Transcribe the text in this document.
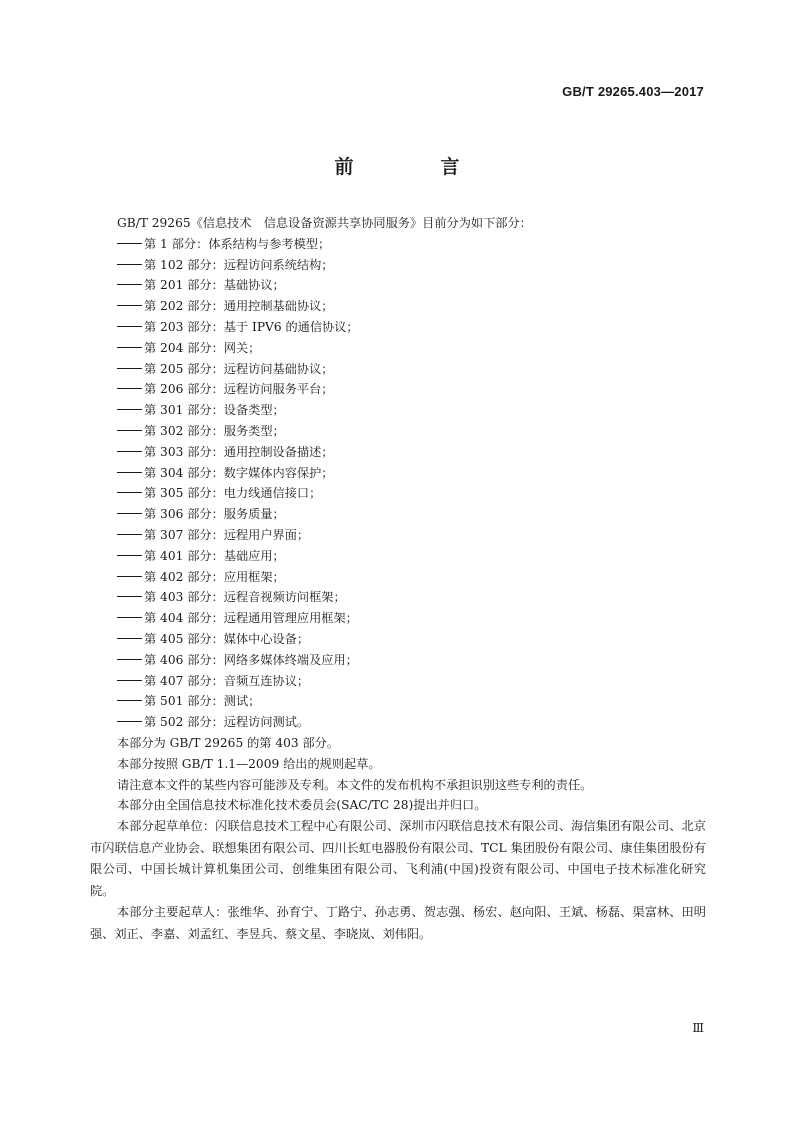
GB/T 29265.403—2017
前　言

GB/T 29265《信息技术　信息设备资源共享协同服务》目前分为如下部分：

第 1 部分：体系结构与参考模型；
第 102 部分：远程访问系统结构；
第 201 部分：基础协议；
第 202 部分：通用控制基础协议；
第 203 部分：基于 IPV6 的通信协议；
第 204 部分：网关；
第 205 部分：远程访问基础协议；
第 206 部分：远程访问服务平台；
第 301 部分：设备类型；
第 302 部分：服务类型；
第 303 部分：通用控制设备描述；
第 304 部分：数字媒体内容保护；
第 305 部分：电力线通信接口；
第 306 部分：服务质量；
第 307 部分：远程用户界面；
第 401 部分：基础应用；
第 402 部分：应用框架；
第 403 部分：远程音视频访问框架；
第 404 部分：远程通用管理应用框架；
第 405 部分：媒体中心设备；
第 406 部分：网络多媒体终端及应用；
第 407 部分：音频互连协议；
第 501 部分：测试；
第 502 部分：远程访问测试。

本部分为 GB/T 29265 的第 403 部分。

本部分按照 GB/T 1.1—2009 给出的规则起草。

请注意本文件的某些内容可能涉及专利。本文件的发布机构不承担识别这些专利的责任。

本部分由全国信息技术标准化技术委员会(SAC/TC 28)提出并归口。

本部分起草单位：闪联信息技术工程中心有限公司、深圳市闪联信息技术有限公司、海信集团有限公司、北京市闪联信息产业协会、联想集团有限公司、四川长虹电器股份有限公司、TCL 集团股份有限公司、康佳集团股份有限公司、中国长城计算机集团公司、创维集团有限公司、飞利浦(中国)投资有限公司、中国电子技术标准化研究院。

本部分主要起草人：张维华、孙育宁、丁路宁、孙志勇、贺志强、杨宏、赵向阳、王斌、杨磊、渠富林、田明强、刘正、李嘉、刘孟红、李昱兵、蔡文星、李晓岚、刘伟阳。

Ⅲ
